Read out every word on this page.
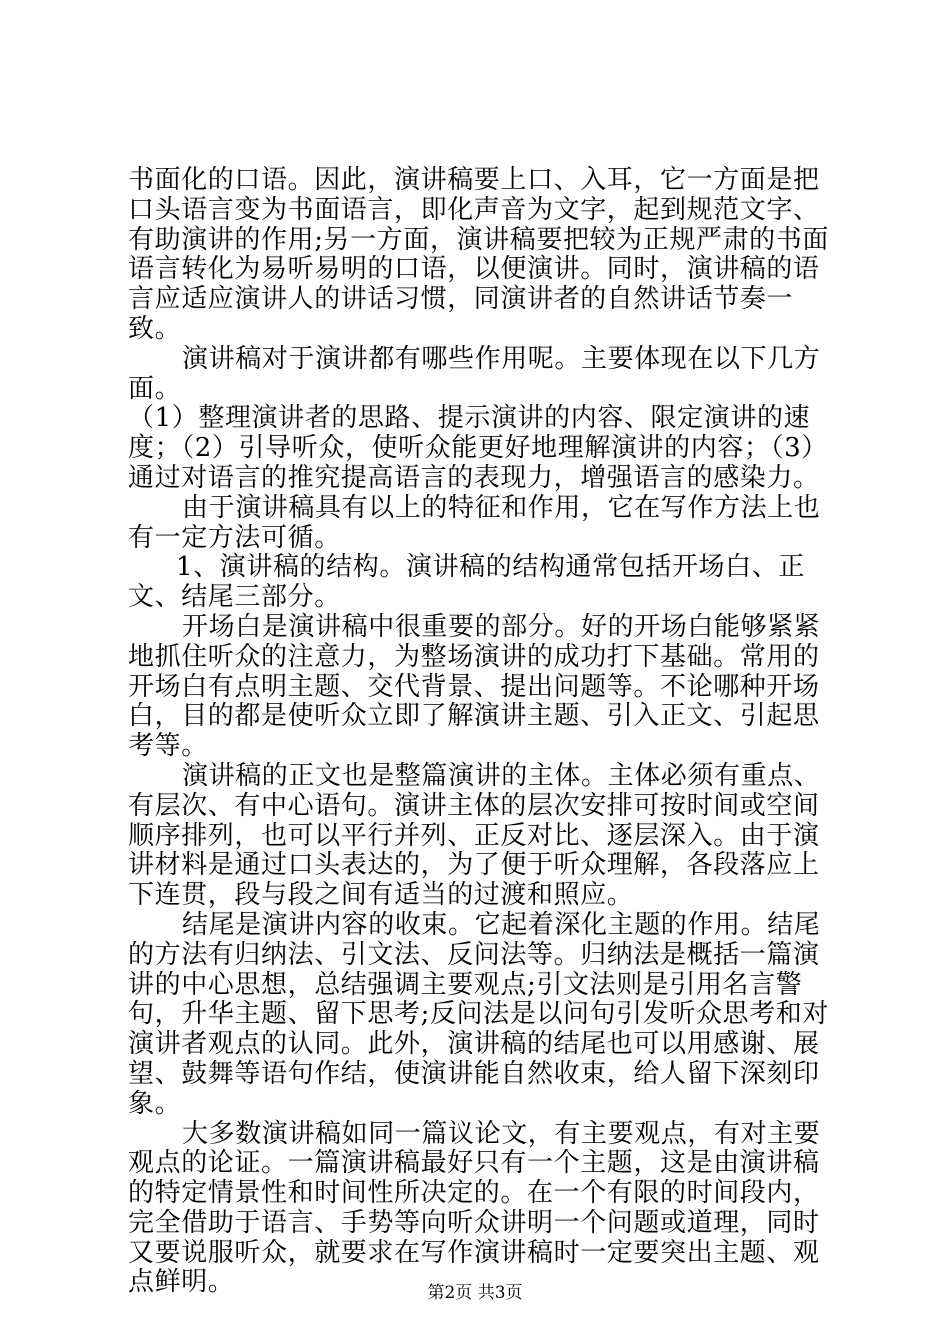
书面化的口语。因此，演讲稿要上口、入耳，它一方面是把口头语言变为书面语言，即化声音为文字，起到规范文字、有助演讲的作用;另一方面，演讲稿要把较为正规严肃的书面语言转化为易听易明的口语，以便演讲。同时，演讲稿的语言应适应演讲人的讲话习惯，同演讲者的自然讲话节奏一致。

演讲稿对于演讲都有哪些作用呢。主要体现在以下几方面。

（1）整理演讲者的思路、提示演讲的内容、限定演讲的速度；（2）引导听众，使听众能更好地理解演讲的内容；（3）通过对语言的推究提高语言的表现力，增强语言的感染力。

由于演讲稿具有以上的特征和作用，它在写作方法上也有一定方法可循。

1、演讲稿的结构。演讲稿的结构通常包括开场白、正文、结尾三部分。

开场白是演讲稿中很重要的部分。好的开场白能够紧紧地抓住听众的注意力，为整场演讲的成功打下基础。常用的开场白有点明主题、交代背景、提出问题等。不论哪种开场白，目的都是使听众立即了解演讲主题、引入正文、引起思考等。

演讲稿的正文也是整篇演讲的主体。主体必须有重点、有层次、有中心语句。演讲主体的层次安排可按时间或空间顺序排列，也可以平行并列、正反对比、逐层深入。由于演讲材料是通过口头表达的，为了便于听众理解，各段落应上下连贯，段与段之间有适当的过渡和照应。

结尾是演讲内容的收束。它起着深化主题的作用。结尾的方法有归纳法、引文法、反问法等。归纳法是概括一篇演讲的中心思想，总结强调主要观点;引文法则是引用名言警句，升华主题、留下思考;反问法是以问句引发听众思考和对演讲者观点的认同。此外，演讲稿的结尾也可以用感谢、展望、鼓舞等语句作结，使演讲能自然收束，给人留下深刻印象。

大多数演讲稿如同一篇议论文，有主要观点，有对主要观点的论证。一篇演讲稿最好只有一个主题，这是由演讲稿的特定情景性和时间性所决定的。在一个有限的时间段内，完全借助于语言、手势等向听众讲明一个问题或道理，同时又要说服听众，就要求在写作演讲稿时一定要突出主题、观点鲜明。	第2页 共3页
